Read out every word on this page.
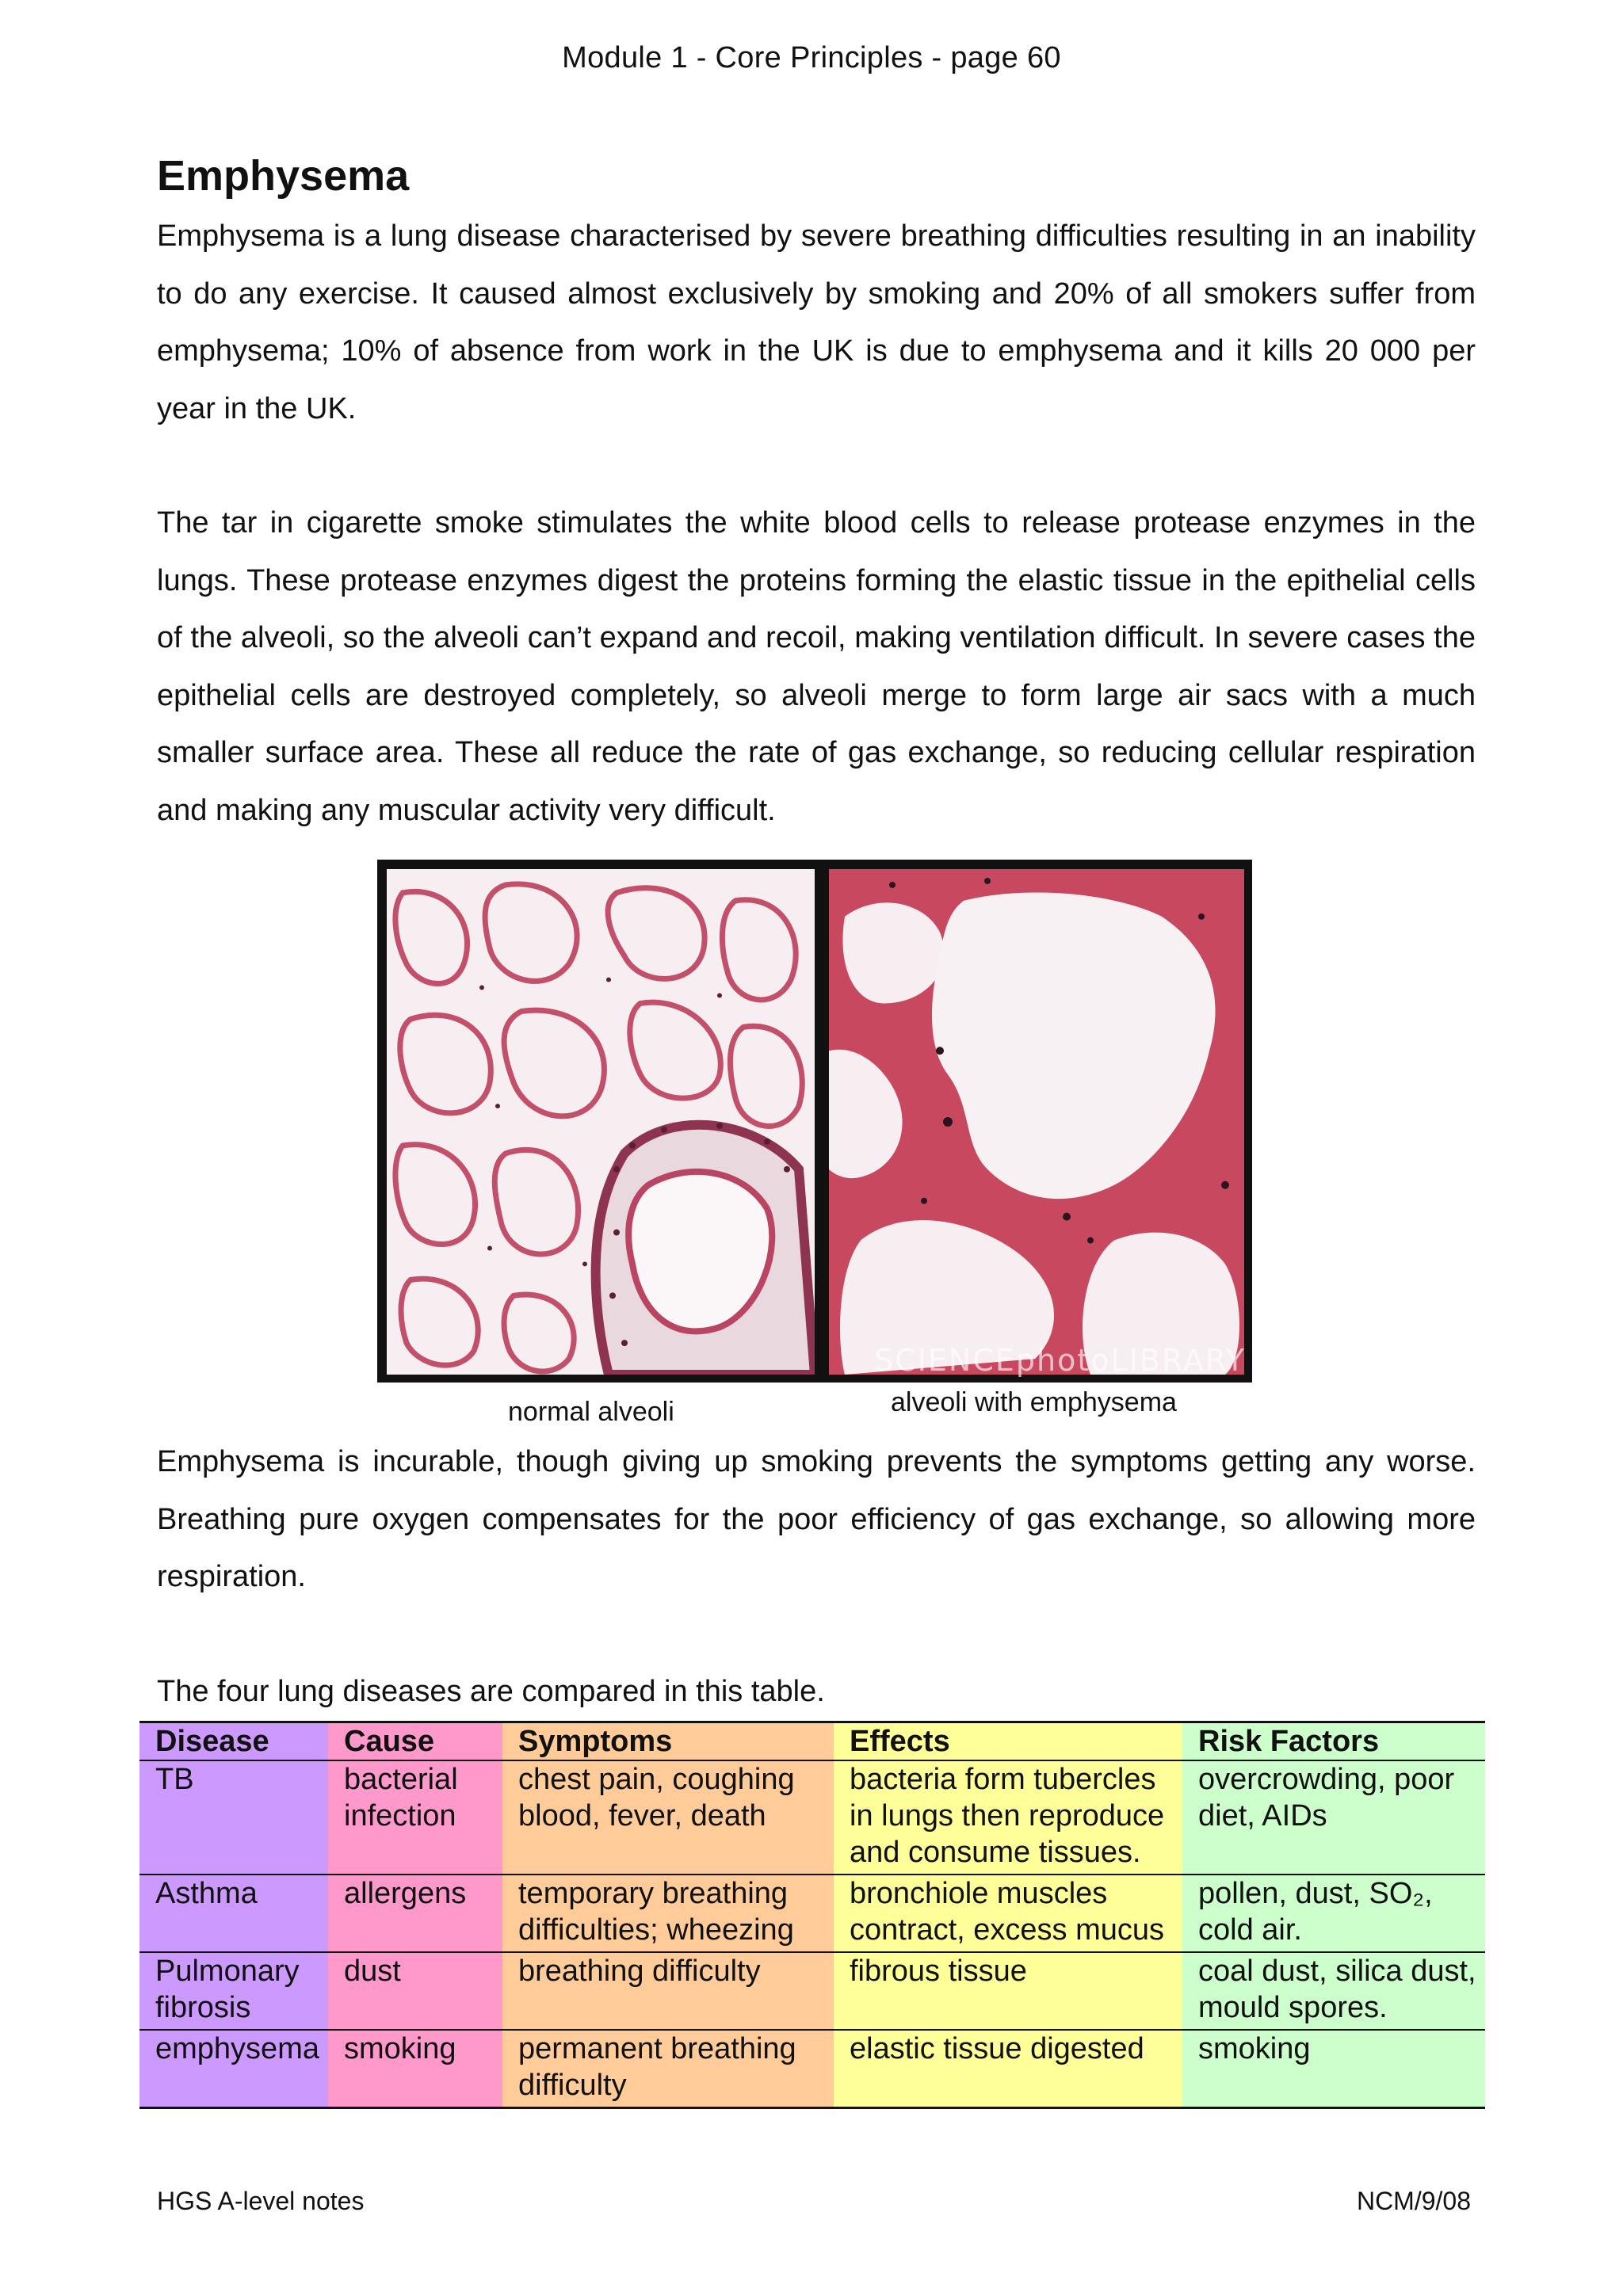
Module 1 - Core Principles - page 60
Emphysema

Emphysema is a lung disease characterised by severe breathing difficulties resulting in an inability to do any exercise. It caused almost exclusively by smoking and 20% of all smokers suffer from emphysema; 10% of absence from work in the UK is due to emphysema and it kills 20 000 per year in the UK.

The tar in cigarette smoke stimulates the white blood cells to release protease enzymes in the lungs. These protease enzymes digest the proteins forming the elastic tissue in the epithelial cells of the alveoli, so the alveoli can’t expand and recoil, making ventilation difficult. In severe cases the epithelial cells are destroyed completely, so alveoli merge to form large air sacs with a much smaller surface area. These all reduce the rate of gas exchange, so reducing cellular respiration and making any muscular activity very difficult.

SCIENCEphotoLIBRARY
normal alveoli	alveoli with emphysema

Emphysema is incurable, though giving up smoking prevents the symptoms getting any worse. Breathing pure oxygen compensates for the poor efficiency of gas exchange, so allowing more respiration.

The four lung diseases are compared in this table.

Disease	Cause	Symptoms	Effects	Risk Factors
TB	bacterial infection	chest pain, coughing blood, fever, death	bacteria form tubercles in lungs then reproduce and consume tissues.	overcrowding, poor diet, AIDs
Asthma	allergens	temporary breathing difficulties; wheezing	bronchiole muscles contract, excess mucus	pollen, dust, SO₂, cold air.
Pulmonary fibrosis	dust	breathing difficulty	fibrous tissue	coal dust, silica dust, mould spores.
emphysema	smoking	permanent breathing difficulty	elastic tissue digested	smoking
HGS A-level notes	NCM/9/08
